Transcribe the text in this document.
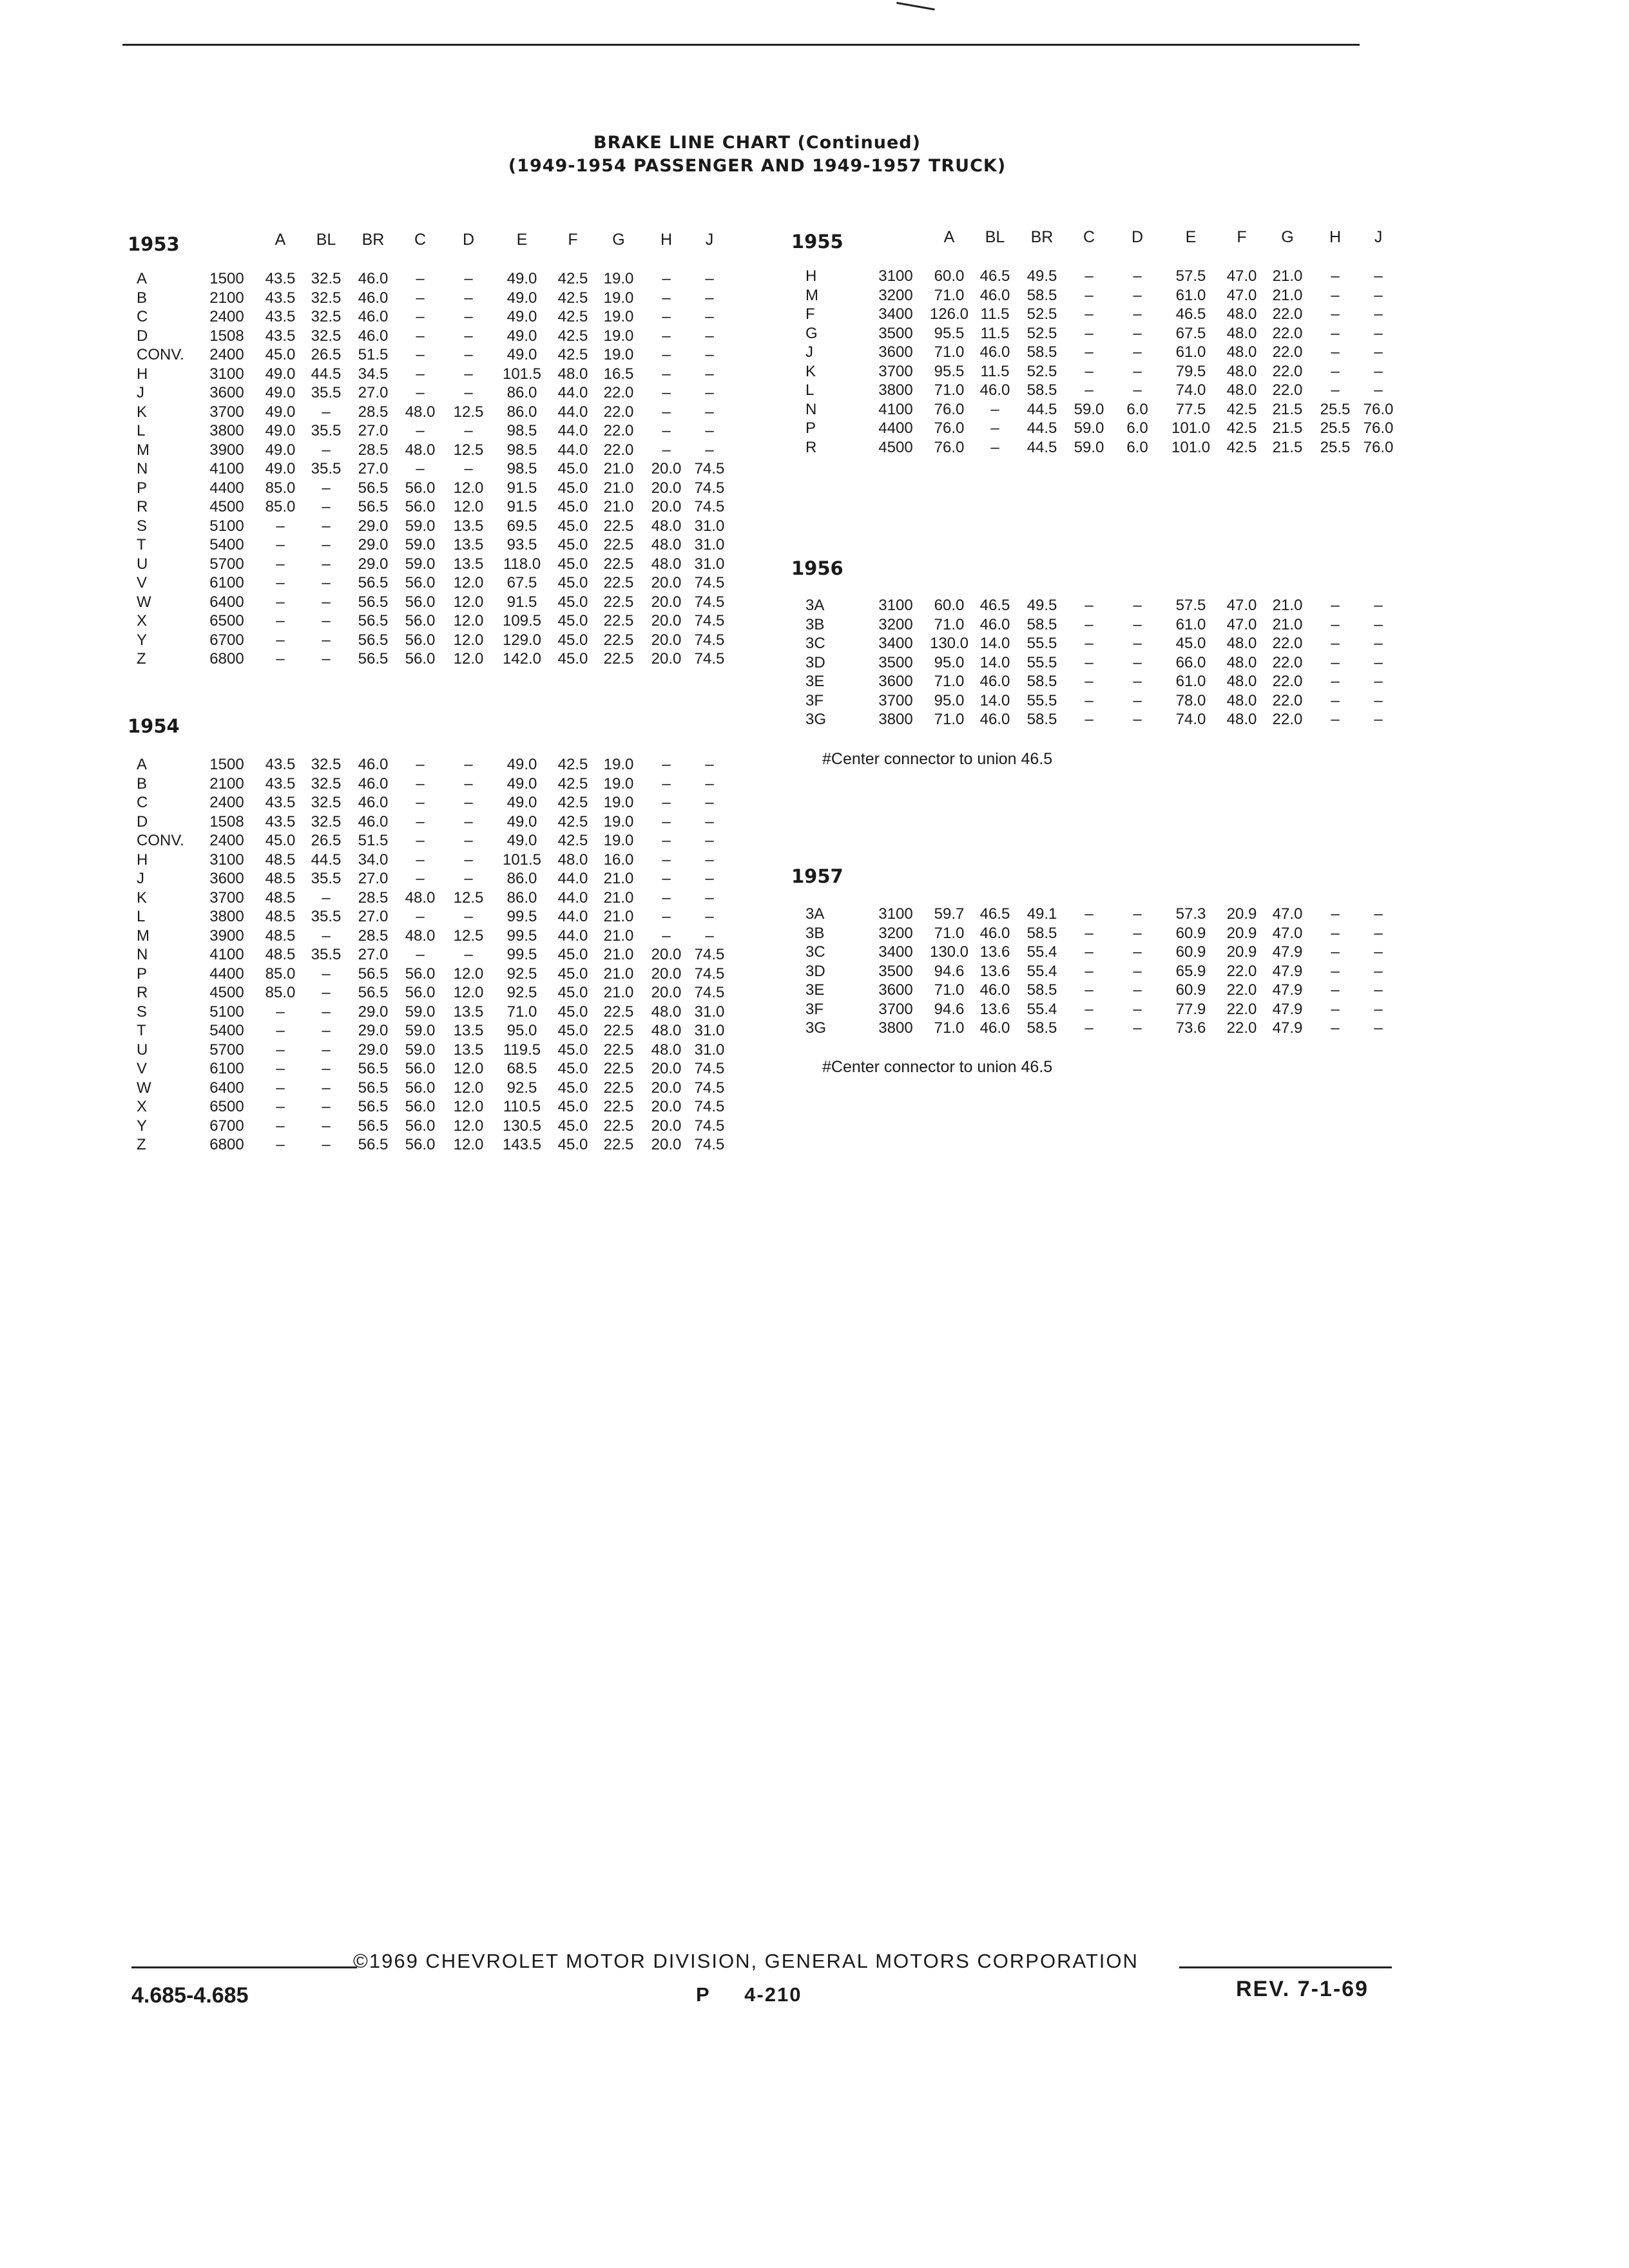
BRAKE LINE CHART (Continued)
(1949-1954 PASSENGER AND 1949-1957 TRUCK)
1953
1954
1955
1956
1957
		A	BL	BR	C	D	E	F	G	H	J

A	1500	43.5	32.5	46.0	–	–	49.0	42.5	19.0	–	–
B	2100	43.5	32.5	46.0	–	–	49.0	42.5	19.0	–	–
C	2400	43.5	32.5	46.0	–	–	49.0	42.5	19.0	–	–
D	1508	43.5	32.5	46.0	–	–	49.0	42.5	19.0	–	–
CONV.	2400	45.0	26.5	51.5	–	–	49.0	42.5	19.0	–	–
H	3100	49.0	44.5	34.5	–	–	101.5	48.0	16.5	–	–
J	3600	49.0	35.5	27.0	–	–	86.0	44.0	22.0	–	–
K	3700	49.0	–	28.5	48.0	12.5	86.0	44.0	22.0	–	–
L	3800	49.0	35.5	27.0	–	–	98.5	44.0	22.0	–	–
M	3900	49.0	–	28.5	48.0	12.5	98.5	44.0	22.0	–	–
N	4100	49.0	35.5	27.0	–	–	98.5	45.0	21.0	20.0	74.5
P	4400	85.0	–	56.5	56.0	12.0	91.5	45.0	21.0	20.0	74.5
R	4500	85.0	–	56.5	56.0	12.0	91.5	45.0	21.0	20.0	74.5
S	5100	–	–	29.0	59.0	13.5	69.5	45.0	22.5	48.0	31.0
T	5400	–	–	29.0	59.0	13.5	93.5	45.0	22.5	48.0	31.0
U	5700	–	–	29.0	59.0	13.5	118.0	45.0	22.5	48.0	31.0
V	6100	–	–	56.5	56.0	12.0	67.5	45.0	22.5	20.0	74.5
W	6400	–	–	56.5	56.0	12.0	91.5	45.0	22.5	20.0	74.5
X	6500	–	–	56.5	56.0	12.0	109.5	45.0	22.5	20.0	74.5
Y	6700	–	–	56.5	56.0	12.0	129.0	45.0	22.5	20.0	74.5
Z	6800	–	–	56.5	56.0	12.0	142.0	45.0	22.5	20.0	74.5
A	1500	43.5	32.5	46.0	–	–	49.0	42.5	19.0	–	–
B	2100	43.5	32.5	46.0	–	–	49.0	42.5	19.0	–	–
C	2400	43.5	32.5	46.0	–	–	49.0	42.5	19.0	–	–
D	1508	43.5	32.5	46.0	–	–	49.0	42.5	19.0	–	–
CONV.	2400	45.0	26.5	51.5	–	–	49.0	42.5	19.0	–	–
H	3100	48.5	44.5	34.0	–	–	101.5	48.0	16.0	–	–
J	3600	48.5	35.5	27.0	–	–	86.0	44.0	21.0	–	–
K	3700	48.5	–	28.5	48.0	12.5	86.0	44.0	21.0	–	–
L	3800	48.5	35.5	27.0	–	–	99.5	44.0	21.0	–	–
M	3900	48.5	–	28.5	48.0	12.5	99.5	44.0	21.0	–	–
N	4100	48.5	35.5	27.0	–	–	99.5	45.0	21.0	20.0	74.5
P	4400	85.0	–	56.5	56.0	12.0	92.5	45.0	21.0	20.0	74.5
R	4500	85.0	–	56.5	56.0	12.0	92.5	45.0	21.0	20.0	74.5
S	5100	–	–	29.0	59.0	13.5	71.0	45.0	22.5	48.0	31.0
T	5400	–	–	29.0	59.0	13.5	95.0	45.0	22.5	48.0	31.0
U	5700	–	–	29.0	59.0	13.5	119.5	45.0	22.5	48.0	31.0
V	6100	–	–	56.5	56.0	12.0	68.5	45.0	22.5	20.0	74.5
W	6400	–	–	56.5	56.0	12.0	92.5	45.0	22.5	20.0	74.5
X	6500	–	–	56.5	56.0	12.0	110.5	45.0	22.5	20.0	74.5
Y	6700	–	–	56.5	56.0	12.0	130.5	45.0	22.5	20.0	74.5
Z	6800	–	–	56.5	56.0	12.0	143.5	45.0	22.5	20.0	74.5
		A	BL	BR	C	D	E	F	G	H	J

H	3100	60.0	46.5	49.5	–	–	57.5	47.0	21.0	–	–
M	3200	71.0	46.0	58.5	–	–	61.0	47.0	21.0	–	–
F	3400	126.0	11.5	52.5	–	–	46.5	48.0	22.0	–	–
G	3500	95.5	11.5	52.5	–	–	67.5	48.0	22.0	–	–
J	3600	71.0	46.0	58.5	–	–	61.0	48.0	22.0	–	–
K	3700	95.5	11.5	52.5	–	–	79.5	48.0	22.0	–	–
L	3800	71.0	46.0	58.5	–	–	74.0	48.0	22.0	–	–
N	4100	76.0	–	44.5	59.0	6.0	77.5	42.5	21.5	25.5	76.0
P	4400	76.0	–	44.5	59.0	6.0	101.0	42.5	21.5	25.5	76.0
R	4500	76.0	–	44.5	59.0	6.0	101.0	42.5	21.5	25.5	76.0
3A	3100	60.0	46.5	49.5	–	–	57.5	47.0	21.0	–	–
3B	3200	71.0	46.0	58.5	–	–	61.0	47.0	21.0	–	–
3C	3400	130.0	14.0	55.5	–	–	45.0	48.0	22.0	–	–
3D	3500	95.0	14.0	55.5	–	–	66.0	48.0	22.0	–	–
3E	3600	71.0	46.0	58.5	–	–	61.0	48.0	22.0	–	–
3F	3700	95.0	14.0	55.5	–	–	78.0	48.0	22.0	–	–
3G	3800	71.0	46.0	58.5	–	–	74.0	48.0	22.0	–	–
3A	3100	59.7	46.5	49.1	–	–	57.3	20.9	47.0	–	–
3B	3200	71.0	46.0	58.5	–	–	60.9	20.9	47.0	–	–
3C	3400	130.0	13.6	55.4	–	–	60.9	20.9	47.9	–	–
3D	3500	94.6	13.6	55.4	–	–	65.9	22.0	47.9	–	–
3E	3600	71.0	46.0	58.5	–	–	60.9	22.0	47.9	–	–
3F	3700	94.6	13.6	55.4	–	–	77.9	22.0	47.9	–	–
3G	3800	71.0	46.0	58.5	–	–	73.6	22.0	47.9	–	–
#Center connector to union 46.5
#Center connector to union 46.5
©1969 CHEVROLET MOTOR DIVISION, GENERAL MOTORS CORPORATION
4.685-4.685	P     4-210	REV. 7-1-69
